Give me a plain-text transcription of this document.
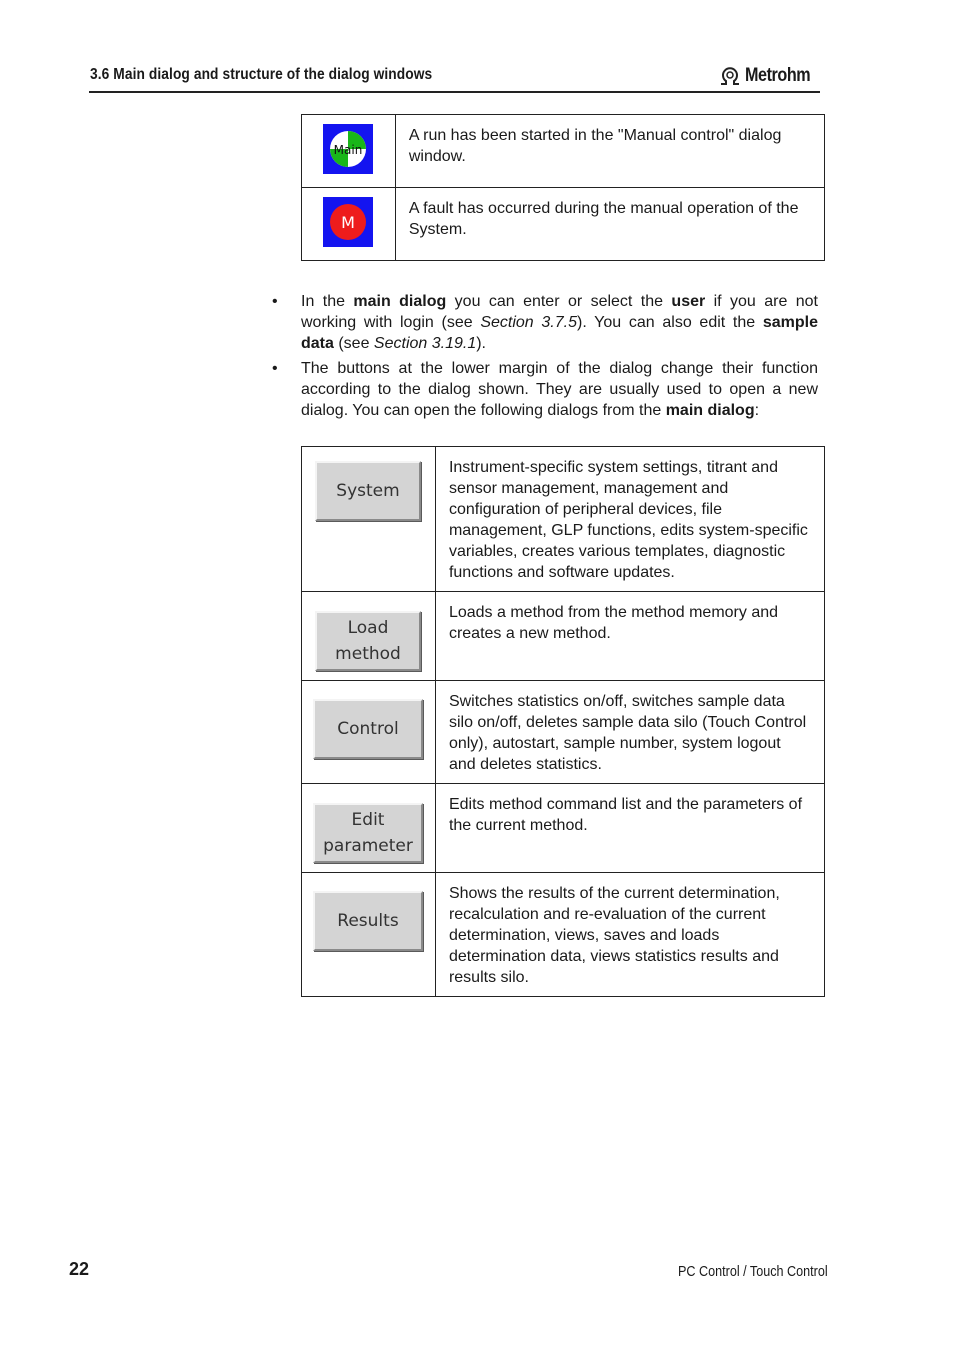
3.6 Main dialog and structure of the dialog windows	Metrohm
Main	A run has been started in the "Manual control" dialog window.

M	A fault has occurred during the manual operation of the System.
• In the main dialog you can enter or select the user if you are not working with login (see Section 3.7.5). You can also edit the sample data (see Section 3.19.1).
• The buttons at the lower margin of the dialog change their function according to the dialog shown. They are usually used to open a new dialog. You can open the following dialogs from the main dialog:
System	Instrument-specific system settings, titrant and sensor management, management and configuration of peripheral devices, file management, GLP functions, edits system-specific variables, creates various templates, diagnostic functions and software updates.

Load
method	Loads a method from the method memory and creates a new method.

Control	Switches statistics on/off, switches sample data silo on/off, deletes sample data silo (Touch Control only), autostart, sample number, system logout and deletes statistics.

Edit
parameter	Edits method command list and the parameters of the current method.

Results	Shows the results of the current determination, recalculation and re-evaluation of the current determination, views, saves and loads determination data, views statistics results and results silo.
22	PC Control / Touch Control
